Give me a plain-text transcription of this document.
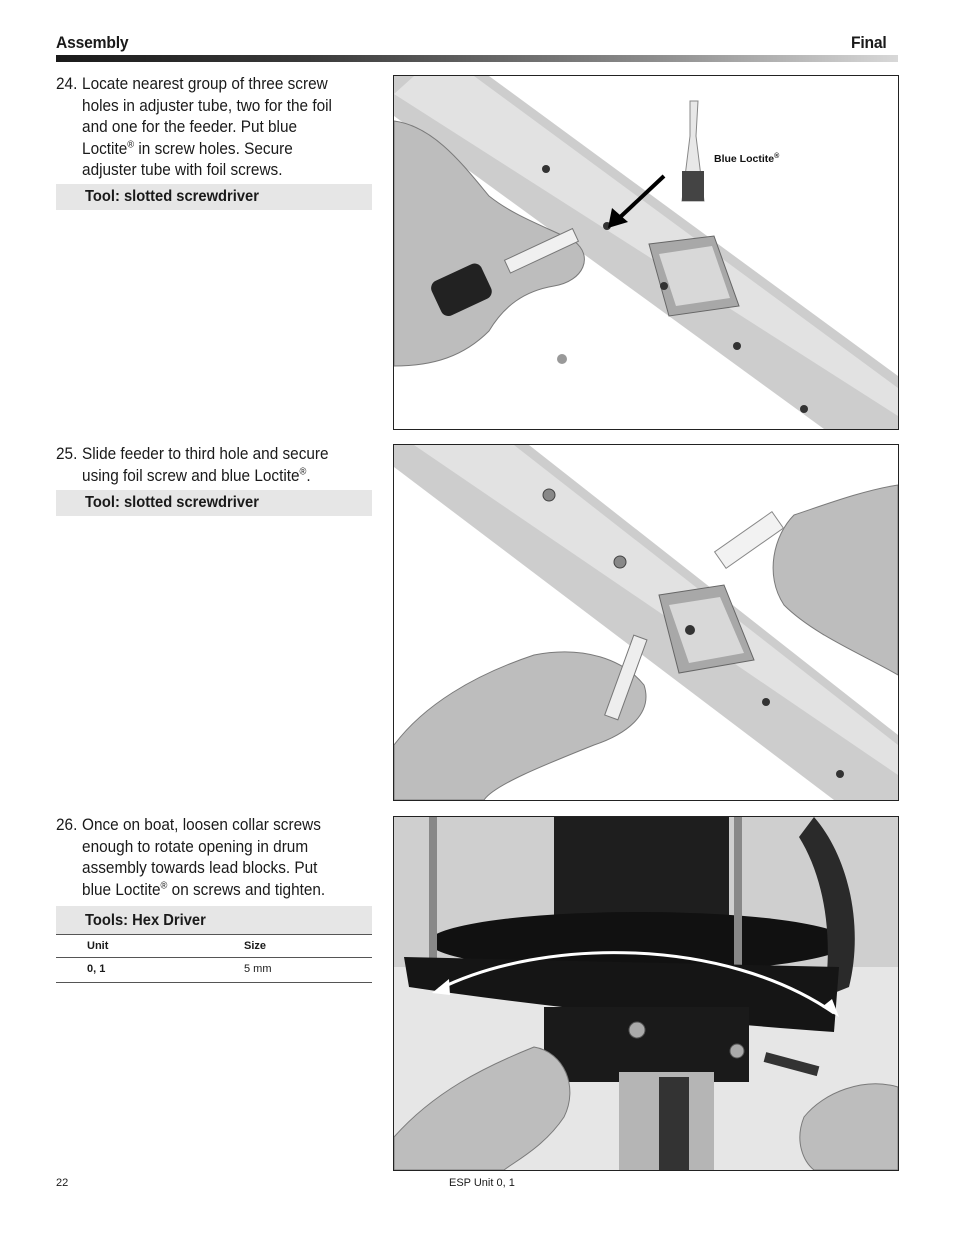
Assembly	Final
24. Locate nearest group of three screw holes in adjuster tube, two for the foil and one for the feeder. Put blue Loctite® in screw holes. Secure adjuster tube with foil screws.
Tool: slotted screwdriver
Blue Loctite®
25. Slide feeder to third hole and secure using foil screw and blue Loctite®.
Tool: slotted screwdriver
26. Once on boat, loosen collar screws enough to rotate opening in drum assembly towards lead blocks. Put blue Loctite® on screws and tighten.
Tools: Hex Driver
Unit	Size
0, 1	5 mm
22	ESP Unit 0, 1
